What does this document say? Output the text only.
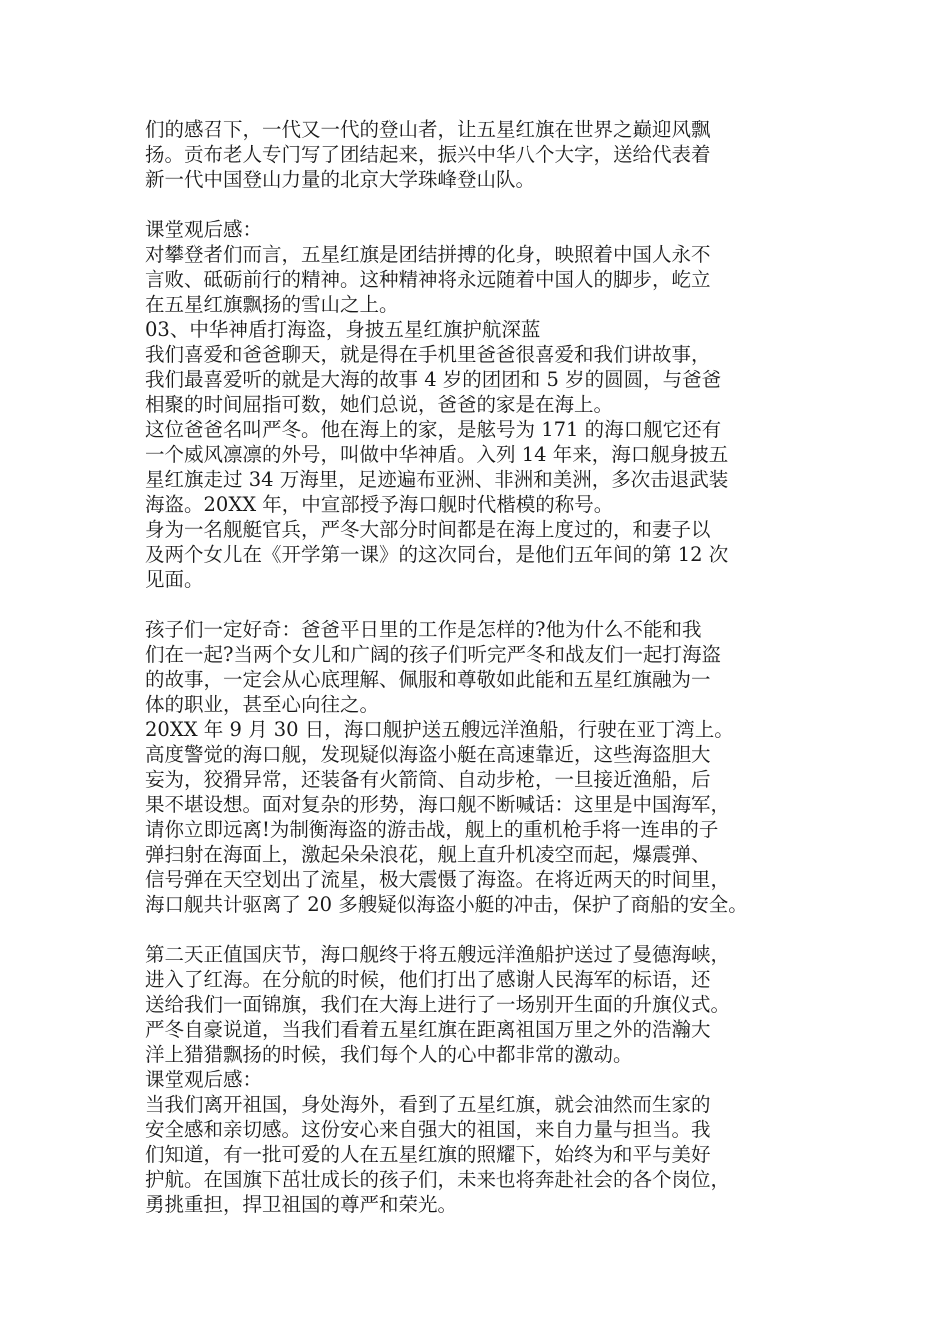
们的感召下，一代又一代的登山者，让五星红旗在世界之巅迎风飘
扬。贡布老人专门写了团结起来，振兴中华八个大字，送给代表着
新一代中国登山力量的北京大学珠峰登山队。
课堂观后感：
对攀登者们而言，五星红旗是团结拼搏的化身，映照着中国人永不
言败、砥砺前行的精神。这种精神将永远随着中国人的脚步，屹立
在五星红旗飘扬的雪山之上。
03、中华神盾打海盗，身披五星红旗护航深蓝
我们喜爱和爸爸聊天，就是得在手机里爸爸很喜爱和我们讲故事，
我们最喜爱听的就是大海的故事 4 岁的团团和 5 岁的圆圆，与爸爸
相聚的时间屈指可数，她们总说，爸爸的家是在海上。
这位爸爸名叫严冬。他在海上的家，是舷号为 171 的海口舰它还有
一个威风凛凛的外号，叫做中华神盾。入列 14 年来，海口舰身披五
星红旗走过 34 万海里，足迹遍布亚洲、非洲和美洲，多次击退武装
海盗。20XX 年，中宣部授予海口舰时代楷模的称号。
身为一名舰艇官兵，严冬大部分时间都是在海上度过的，和妻子以
及两个女儿在《开学第一课》的这次同台，是他们五年间的第 12 次
见面。
孩子们一定好奇：爸爸平日里的工作是怎样的?他为什么不能和我
们在一起?当两个女儿和广阔的孩子们听完严冬和战友们一起打海盗
的故事，一定会从心底理解、佩服和尊敬如此能和五星红旗融为一
体的职业，甚至心向往之。
20XX 年 9 月 30 日，海口舰护送五艘远洋渔船，行驶在亚丁湾上。
高度警觉的海口舰，发现疑似海盗小艇在高速靠近，这些海盗胆大
妄为，狡猾异常，还装备有火箭筒、自动步枪，一旦接近渔船，后
果不堪设想。面对复杂的形势，海口舰不断喊话：这里是中国海军，
请你立即远离!为制衡海盗的游击战，舰上的重机枪手将一连串的子
弹扫射在海面上，激起朵朵浪花，舰上直升机凌空而起，爆震弹、
信号弹在天空划出了流星，极大震慑了海盗。在将近两天的时间里，
海口舰共计驱离了 20 多艘疑似海盗小艇的冲击，保护了商船的安全。
第二天正值国庆节，海口舰终于将五艘远洋渔船护送过了曼德海峡，
进入了红海。在分航的时候，他们打出了感谢人民海军的标语，还
送给我们一面锦旗，我们在大海上进行了一场别开生面的升旗仪式。
严冬自豪说道，当我们看着五星红旗在距离祖国万里之外的浩瀚大
洋上猎猎飘扬的时候，我们每个人的心中都非常的激动。
课堂观后感：
当我们离开祖国，身处海外，看到了五星红旗，就会油然而生家的
安全感和亲切感。这份安心来自强大的祖国，来自力量与担当。我
们知道，有一批可爱的人在五星红旗的照耀下，始终为和平与美好
护航。在国旗下茁壮成长的孩子们，未来也将奔赴社会的各个岗位，
勇挑重担，捍卫祖国的尊严和荣光。
